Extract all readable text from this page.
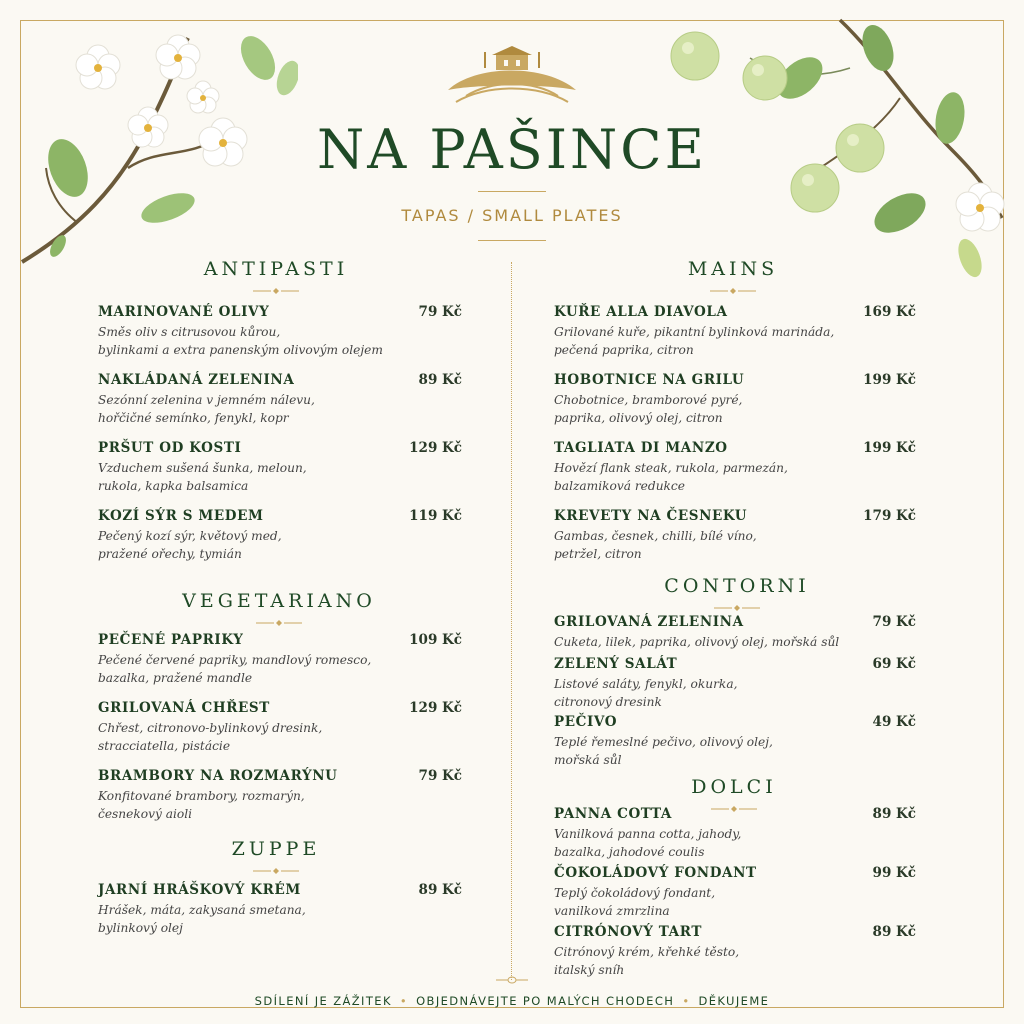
NA PAŠINCE
TAPAS / SMALL PLATES
ANTIPASTI
MARINOVANÉ OLIVY	79 Kč
Směs oliv s citrusovou kůrou,
bylinkami a extra panenským olivovým olejem
NAKLÁDANÁ ZELENINA	89 Kč
Sezónní zelenina v jemném nálevu,
hořčičné semínko, fenykl, kopr
PRŠUT OD KOSTI	129 Kč
Vzduchem sušená šunka, meloun,
rukola, kapka balsamica
KOZÍ SÝR S MEDEM	119 Kč
Pečený kozí sýr, květový med,
pražené ořechy, tymián
VEGETARIANO
PEČENÉ PAPRIKY	109 Kč
Pečené červené papriky, mandlový romesco,
bazalka, pražené mandle
GRILOVANÁ CHŘEST	129 Kč
Chřest, citronovo-bylinkový dresink,
stracciatella, pistácie
BRAMBORY NA ROZMARÝNU	79 Kč
Konfitované brambory, rozmarýn,
česnekový aioli
ZUPPE
JARNÍ HRÁŠKOVÝ KRÉM	89 Kč
Hrášek, máta, zakysaná smetana,
bylinkový olej
MAINS
KUŘE ALLA DIAVOLA	169 Kč
Grilované kuře, pikantní bylinková marináda,
pečená paprika, citron
HOBOTNICE NA GRILU	199 Kč
Chobotnice, bramborové pyré,
paprika, olivový olej, citron
TAGLIATA DI MANZO	199 Kč
Hovězí flank steak, rukola, parmezán,
balzamiková redukce
KREVETY NA ČESNEKU	179 Kč
Gambas, česnek, chilli, bílé víno,
petržel, citron
CONTORNI
GRILOVANÁ ZELENINA	79 Kč
Cuketa, lilek, paprika, olivový olej, mořská sůl
ZELENÝ SALÁT	69 Kč
Listové saláty, fenykl, okurka,
citronový dresink
PEČIVO	49 Kč
Teplé řemeslné pečivo, olivový olej,
mořská sůl
DOLCI
PANNA COTTA	89 Kč
Vanilková panna cotta, jahody,
bazalka, jahodové coulis
ČOKOLÁDOVÝ FONDANT	99 Kč
Teplý čokoládový fondant,
vanilková zmrzlina
CITRÓNOVÝ TART	89 Kč
Citrónový krém, křehké těsto,
italský sníh
SDÍLENÍ JE ZÁŽITEK • OBJEDNÁVEJTE PO MALÝCH CHODECH • DĚKUJEME
